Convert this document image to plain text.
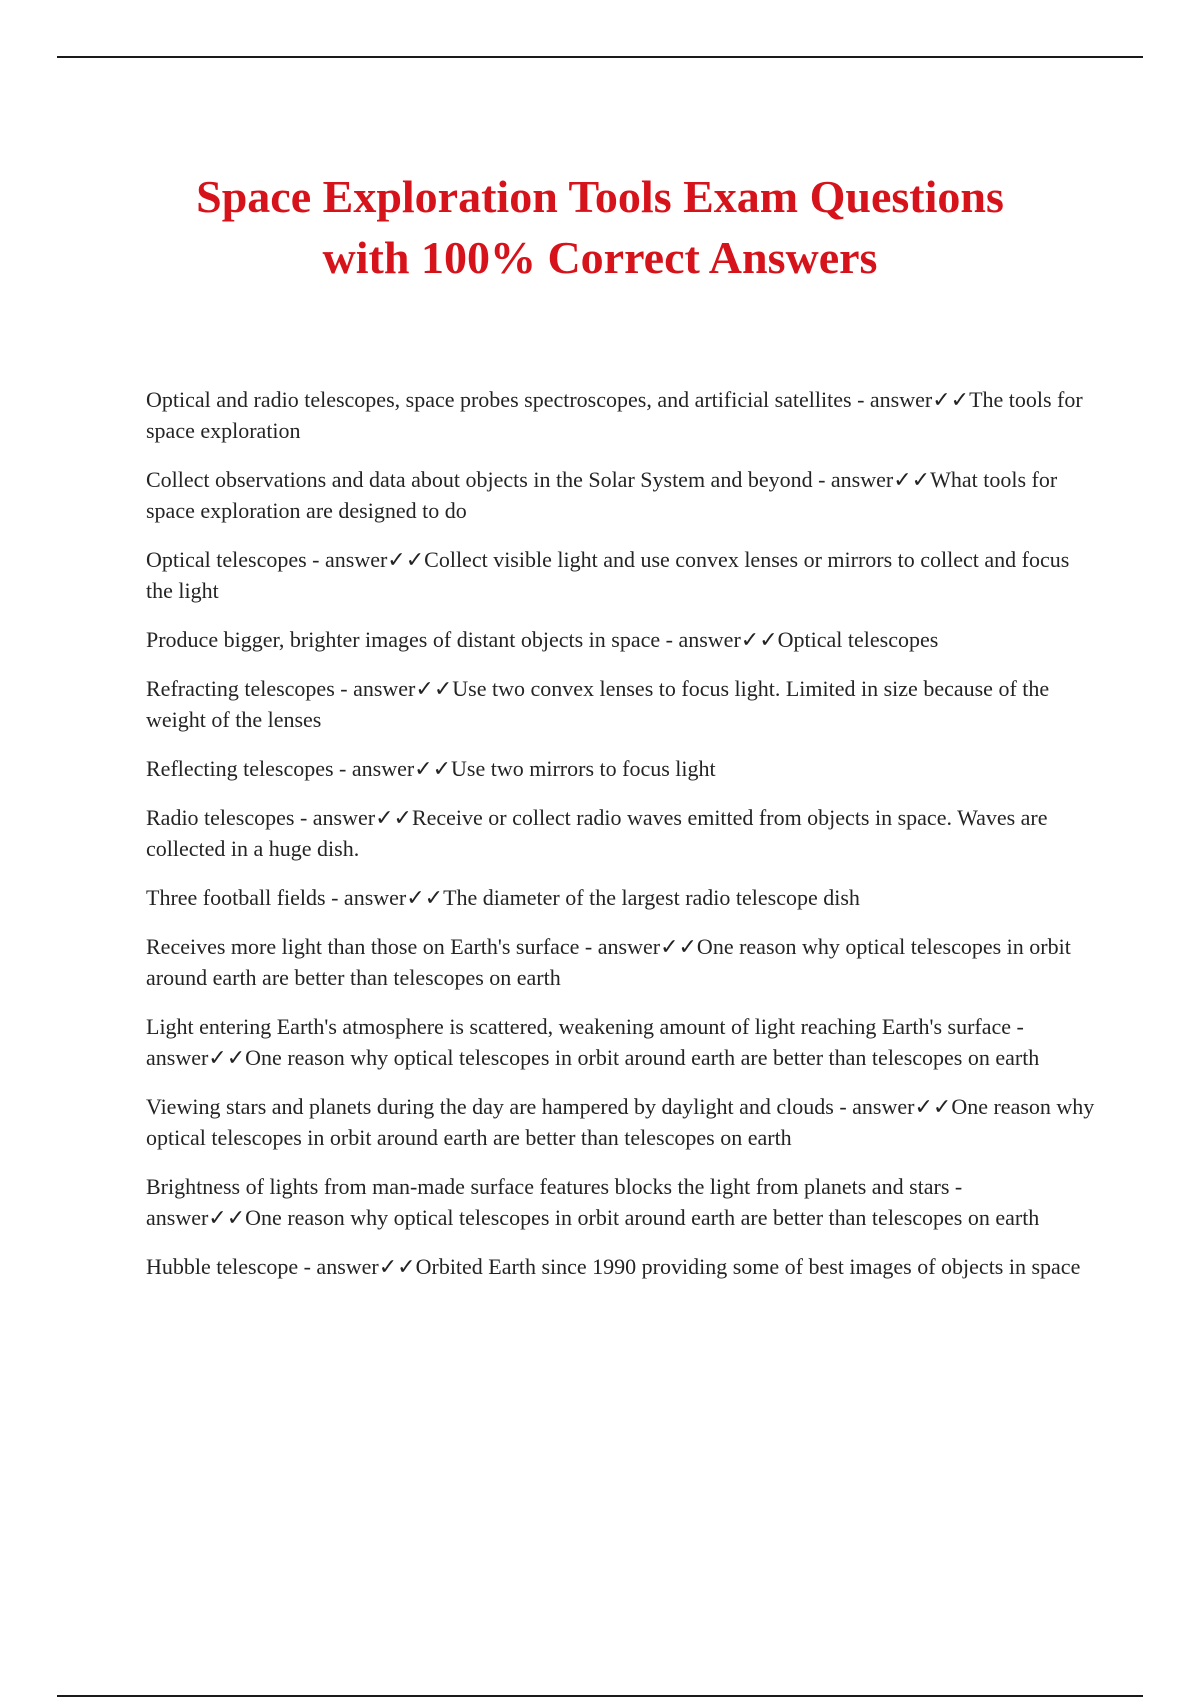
Space Exploration Tools Exam Questions
with 100% Correct Answers
Optical and radio telescopes, space probes spectroscopes, and artificial satellites - answer✓✓The tools for space exploration
Collect observations and data about objects in the Solar System and beyond - answer✓✓What tools for space exploration are designed to do
Optical telescopes - answer✓✓Collect visible light and use convex lenses or mirrors to collect and focus the light
Produce bigger, brighter images of distant objects in space - answer✓✓Optical telescopes
Refracting telescopes - answer✓✓Use two convex lenses to focus light. Limited in size because of the weight of the lenses
Reflecting telescopes - answer✓✓Use two mirrors to focus light
Radio telescopes - answer✓✓Receive or collect radio waves emitted from objects in space. Waves are collected in a huge dish.
Three football fields - answer✓✓The diameter of the largest radio telescope dish
Receives more light than those on Earth's surface - answer✓✓One reason why optical telescopes in orbit around earth are better than telescopes on earth
Light entering Earth's atmosphere is scattered, weakening amount of light reaching Earth's surface - answer✓✓One reason why optical telescopes in orbit around earth are better than telescopes on earth
Viewing stars and planets during the day are hampered by daylight and clouds - answer✓✓One reason why optical telescopes in orbit around earth are better than telescopes on earth
Brightness of lights from man-made surface features blocks the light from planets and stars - answer✓✓One reason why optical telescopes in orbit around earth are better than telescopes on earth
Hubble telescope - answer✓✓Orbited Earth since 1990 providing some of best images of objects in space
